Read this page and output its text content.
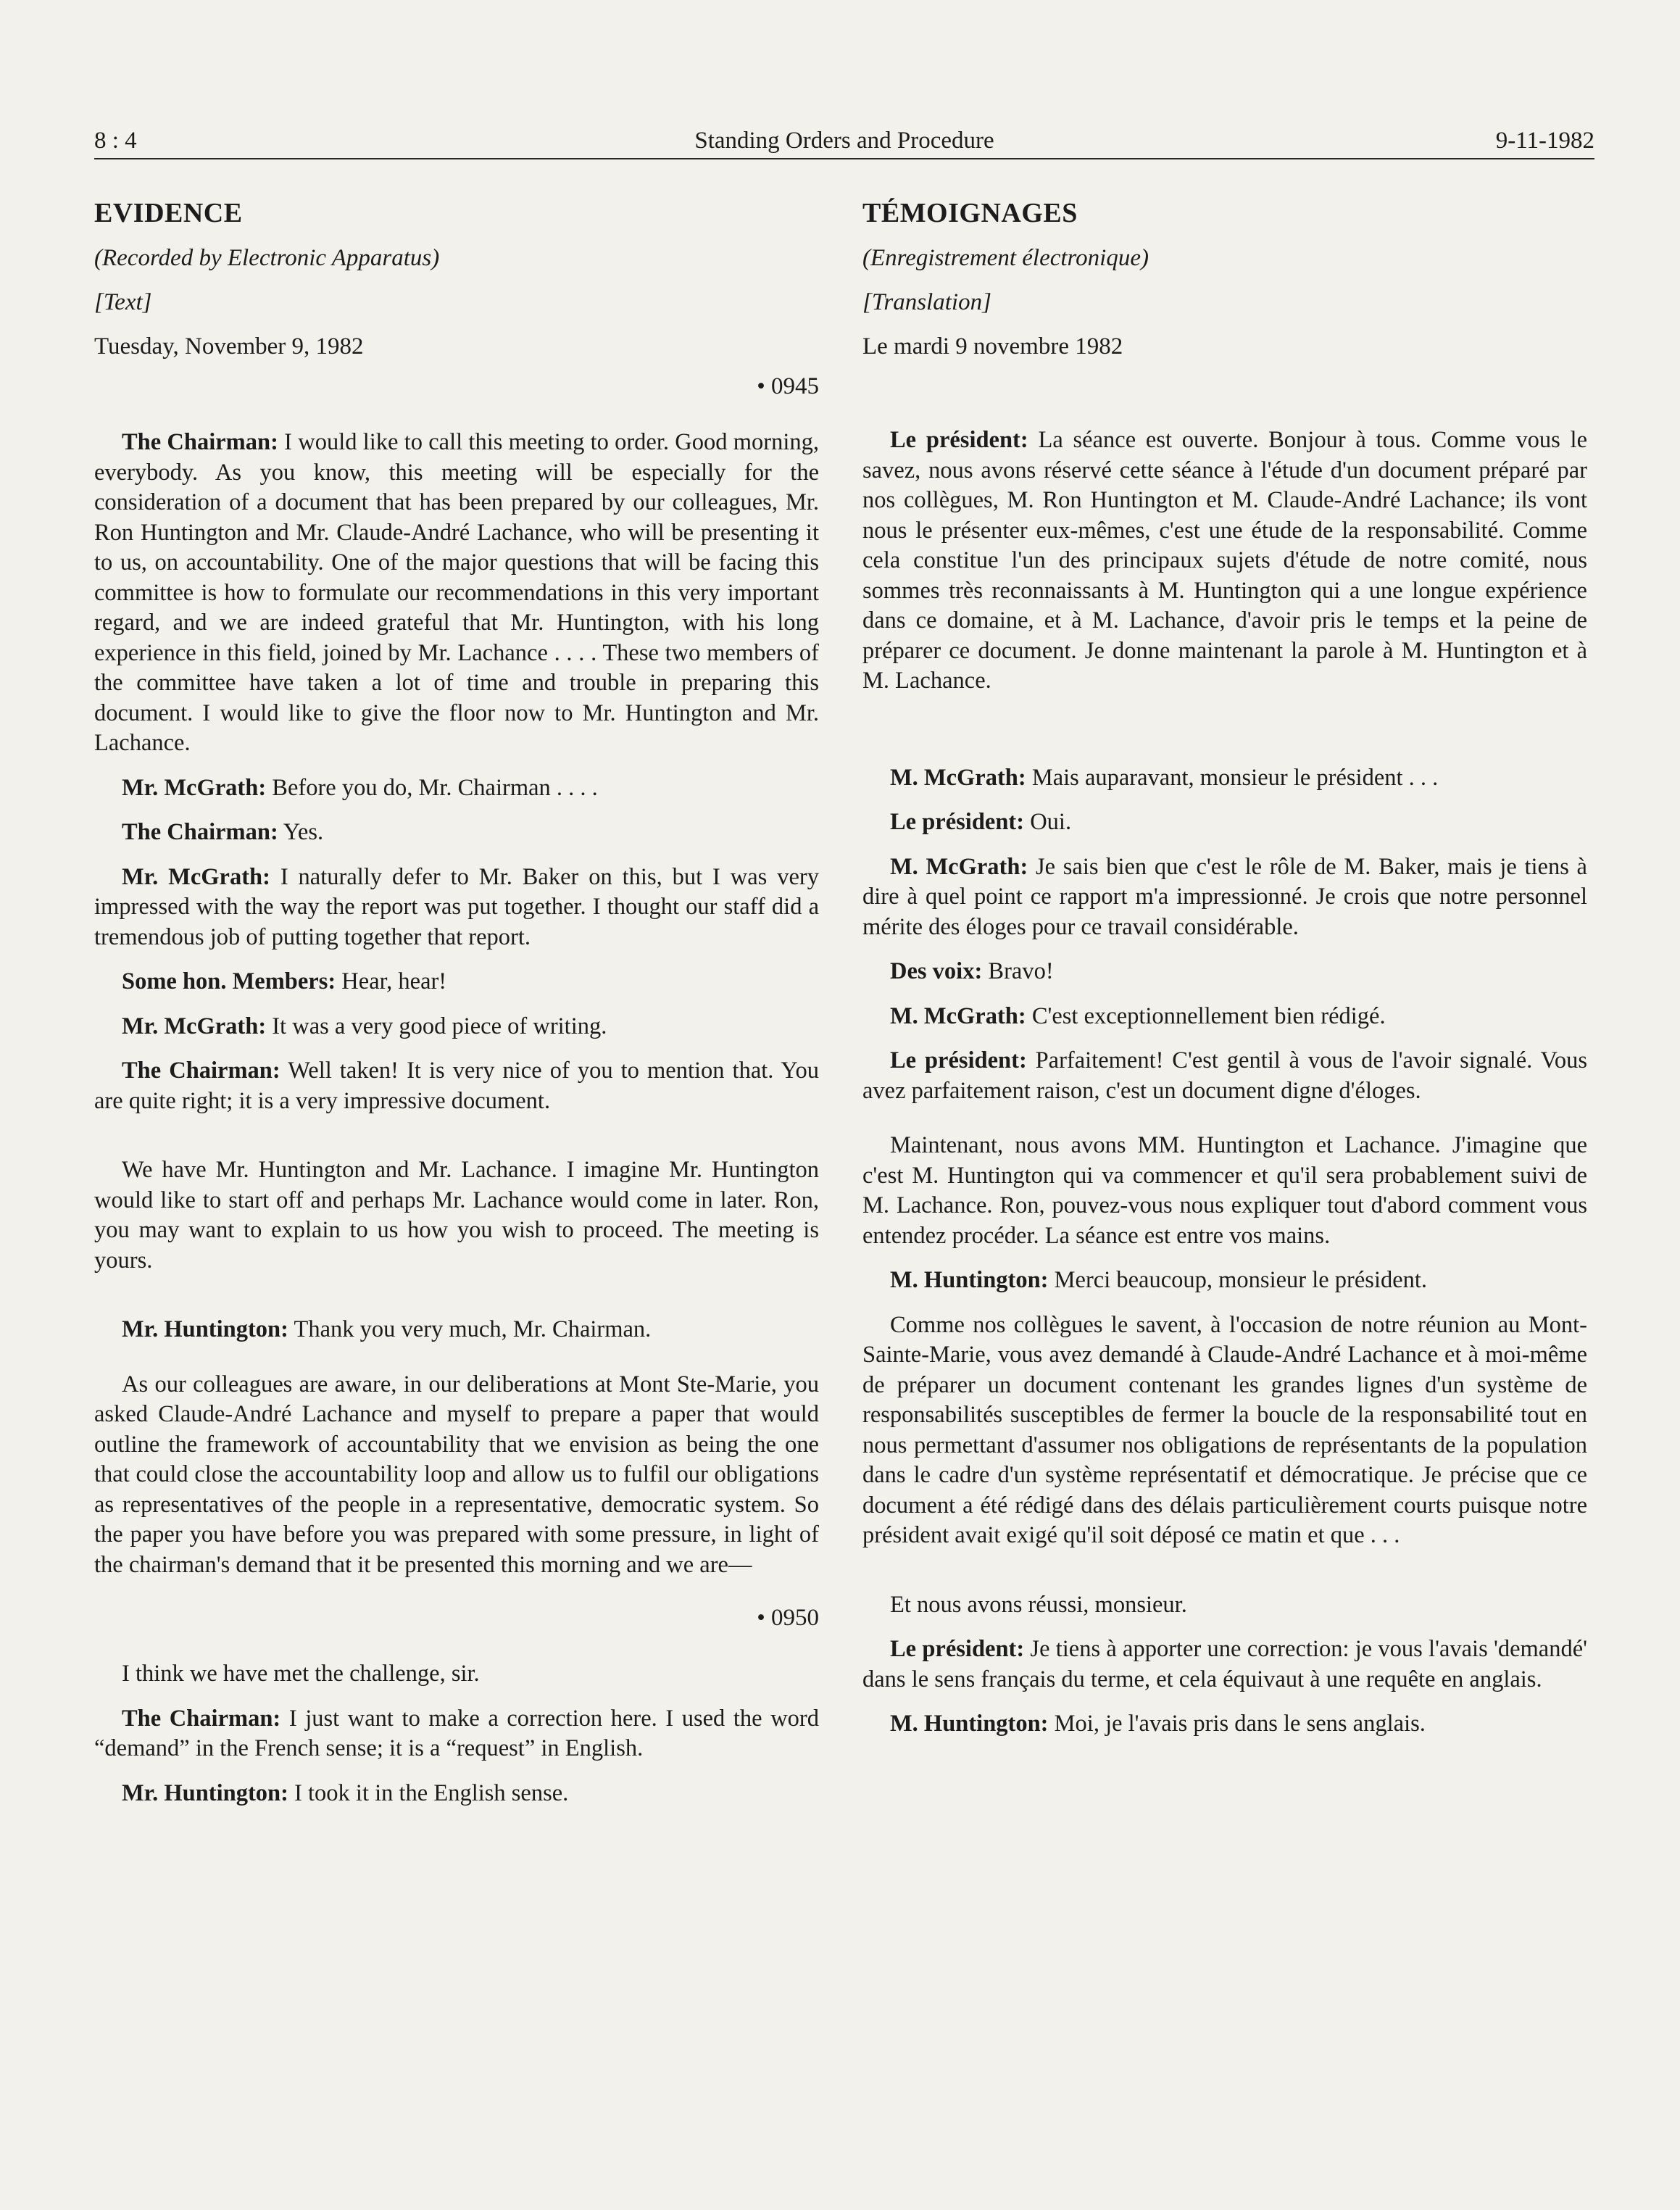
8 : 4	Standing Orders and Procedure	9-11-1982
EVIDENCE
(Recorded by Electronic Apparatus)
[Text]
Tuesday, November 9, 1982
• 0945

The Chairman: I would like to call this meeting to order. Good morning, everybody. As you know, this meeting will be especially for the consideration of a document that has been prepared by our colleagues, Mr. Ron Huntington and Mr. Claude-André Lachance, who will be presenting it to us, on accountability. One of the major questions that will be facing this committee is how to formulate our recommendations in this very important regard, and we are indeed grateful that Mr. Huntington, with his long experience in this field, joined by Mr. Lachance . . . . These two members of the committee have taken a lot of time and trouble in preparing this document. I would like to give the floor now to Mr. Huntington and Mr. Lachance.

Mr. McGrath: Before you do, Mr. Chairman . . . .

The Chairman: Yes.

Mr. McGrath: I naturally defer to Mr. Baker on this, but I was very impressed with the way the report was put together. I thought our staff did a tremendous job of putting together that report.

Some hon. Members: Hear, hear!

Mr. McGrath: It was a very good piece of writing.

The Chairman: Well taken! It is very nice of you to mention that. You are quite right; it is a very impressive document.

We have Mr. Huntington and Mr. Lachance. I imagine Mr. Huntington would like to start off and perhaps Mr. Lachance would come in later. Ron, you may want to explain to us how you wish to proceed. The meeting is yours.

Mr. Huntington: Thank you very much, Mr. Chairman.

As our colleagues are aware, in our deliberations at Mont Ste-Marie, you asked Claude-André Lachance and myself to prepare a paper that would outline the framework of accountability that we envision as being the one that could close the accountability loop and allow us to fulfil our obligations as representatives of the people in a representative, democratic system. So the paper you have before you was prepared with some pressure, in light of the chairman's demand that it be presented this morning and we are—

• 0950

I think we have met the challenge, sir.

The Chairman: I just want to make a correction here. I used the word “demand” in the French sense; it is a “request” in English.

Mr. Huntington: I took it in the English sense.

TÉMOIGNAGES
(Enregistrement électronique)
[Translation]
Le mardi 9 novembre 1982

Le président: La séance est ouverte. Bonjour à tous. Comme vous le savez, nous avons réservé cette séance à l'étude d'un document préparé par nos collègues, M. Ron Huntington et M. Claude-André Lachance; ils vont nous le présenter eux-mêmes, c'est une étude de la responsabilité. Comme cela constitue l'un des principaux sujets d'étude de notre comité, nous sommes très reconnaissants à M. Huntington qui a une longue expérience dans ce domaine, et à M. Lachance, d'avoir pris le temps et la peine de préparer ce document. Je donne maintenant la parole à M. Huntington et à M. Lachance.

M. McGrath: Mais auparavant, monsieur le président . . .

Le président: Oui.

M. McGrath: Je sais bien que c'est le rôle de M. Baker, mais je tiens à dire à quel point ce rapport m'a impressionné. Je crois que notre personnel mérite des éloges pour ce travail considérable.

Des voix: Bravo!

M. McGrath: C'est exceptionnellement bien rédigé.

Le président: Parfaitement! C'est gentil à vous de l'avoir signalé. Vous avez parfaitement raison, c'est un document digne d'éloges.

Maintenant, nous avons MM. Huntington et Lachance. J'imagine que c'est M. Huntington qui va commencer et qu'il sera probablement suivi de M. Lachance. Ron, pouvez-vous nous expliquer tout d'abord comment vous entendez procéder. La séance est entre vos mains.

M. Huntington: Merci beaucoup, monsieur le président.

Comme nos collègues le savent, à l'occasion de notre réunion au Mont-Sainte-Marie, vous avez demandé à Claude-André Lachance et à moi-même de préparer un document contenant les grandes lignes d'un système de responsabilités susceptibles de fermer la boucle de la responsabilité tout en nous permettant d'assumer nos obligations de représentants de la population dans le cadre d'un système représentatif et démocratique. Je précise que ce document a été rédigé dans des délais particulièrement courts puisque notre président avait exigé qu'il soit déposé ce matin et que . . .

Et nous avons réussi, monsieur.

Le président: Je tiens à apporter une correction: je vous l'avais 'demandé' dans le sens français du terme, et cela équivaut à une requête en anglais.

M. Huntington: Moi, je l'avais pris dans le sens anglais.
